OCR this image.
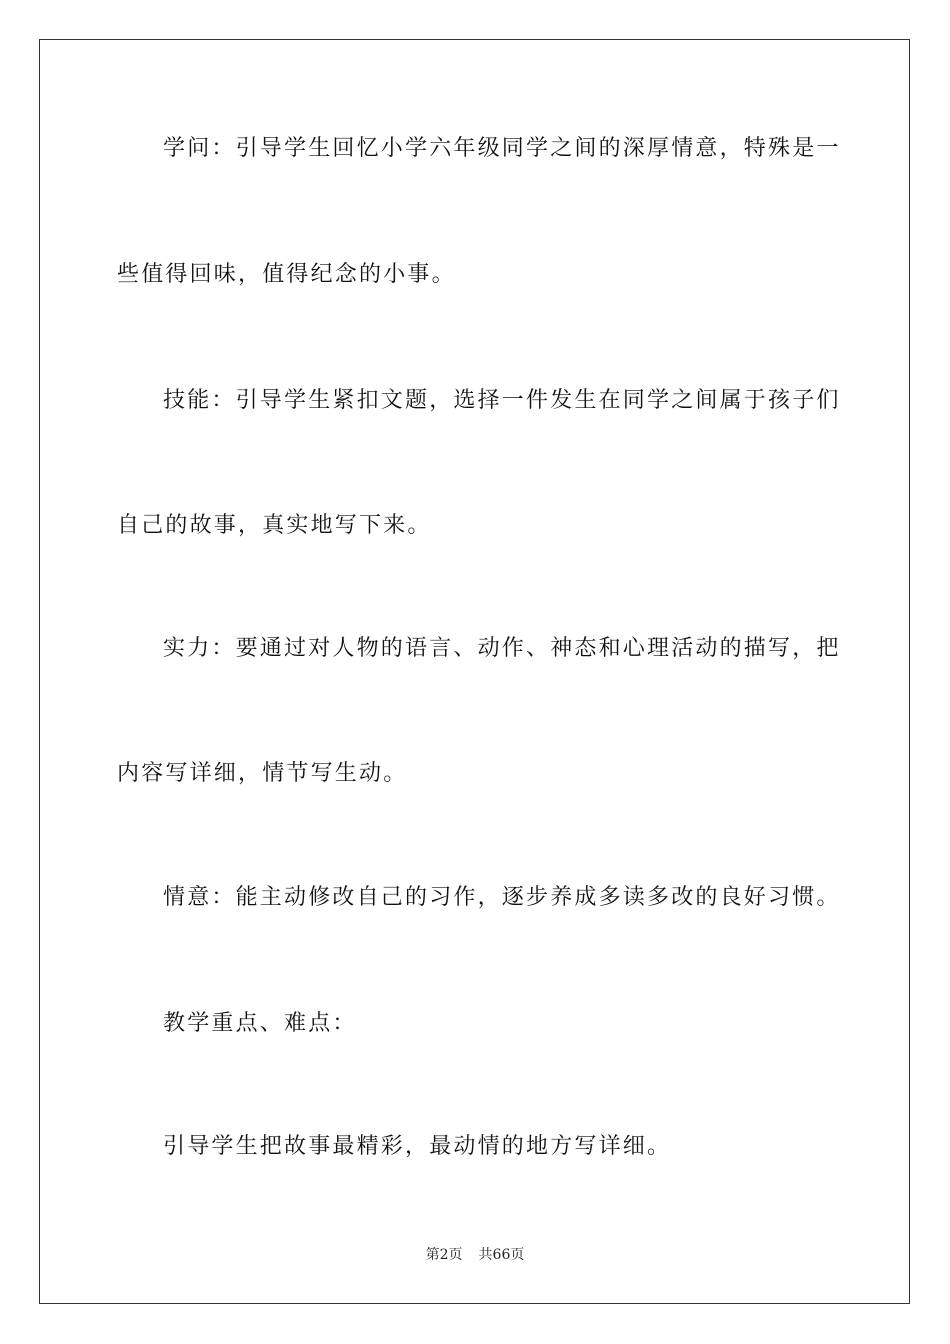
学问：引导学生回忆小学六年级同学之间的深厚情意，特殊是一
些值得回味，值得纪念的小事。
技能：引导学生紧扣文题，选择一件发生在同学之间属于孩子们
自己的故事，真实地写下来。
实力：要通过对人物的语言、动作、神态和心理活动的描写，把
内容写详细，情节写生动。
情意：能主动修改自己的习作，逐步养成多读多改的良好习惯。
教学重点、难点：
引导学生把故事最精彩，最动情的地方写详细。
第2页 共66页
